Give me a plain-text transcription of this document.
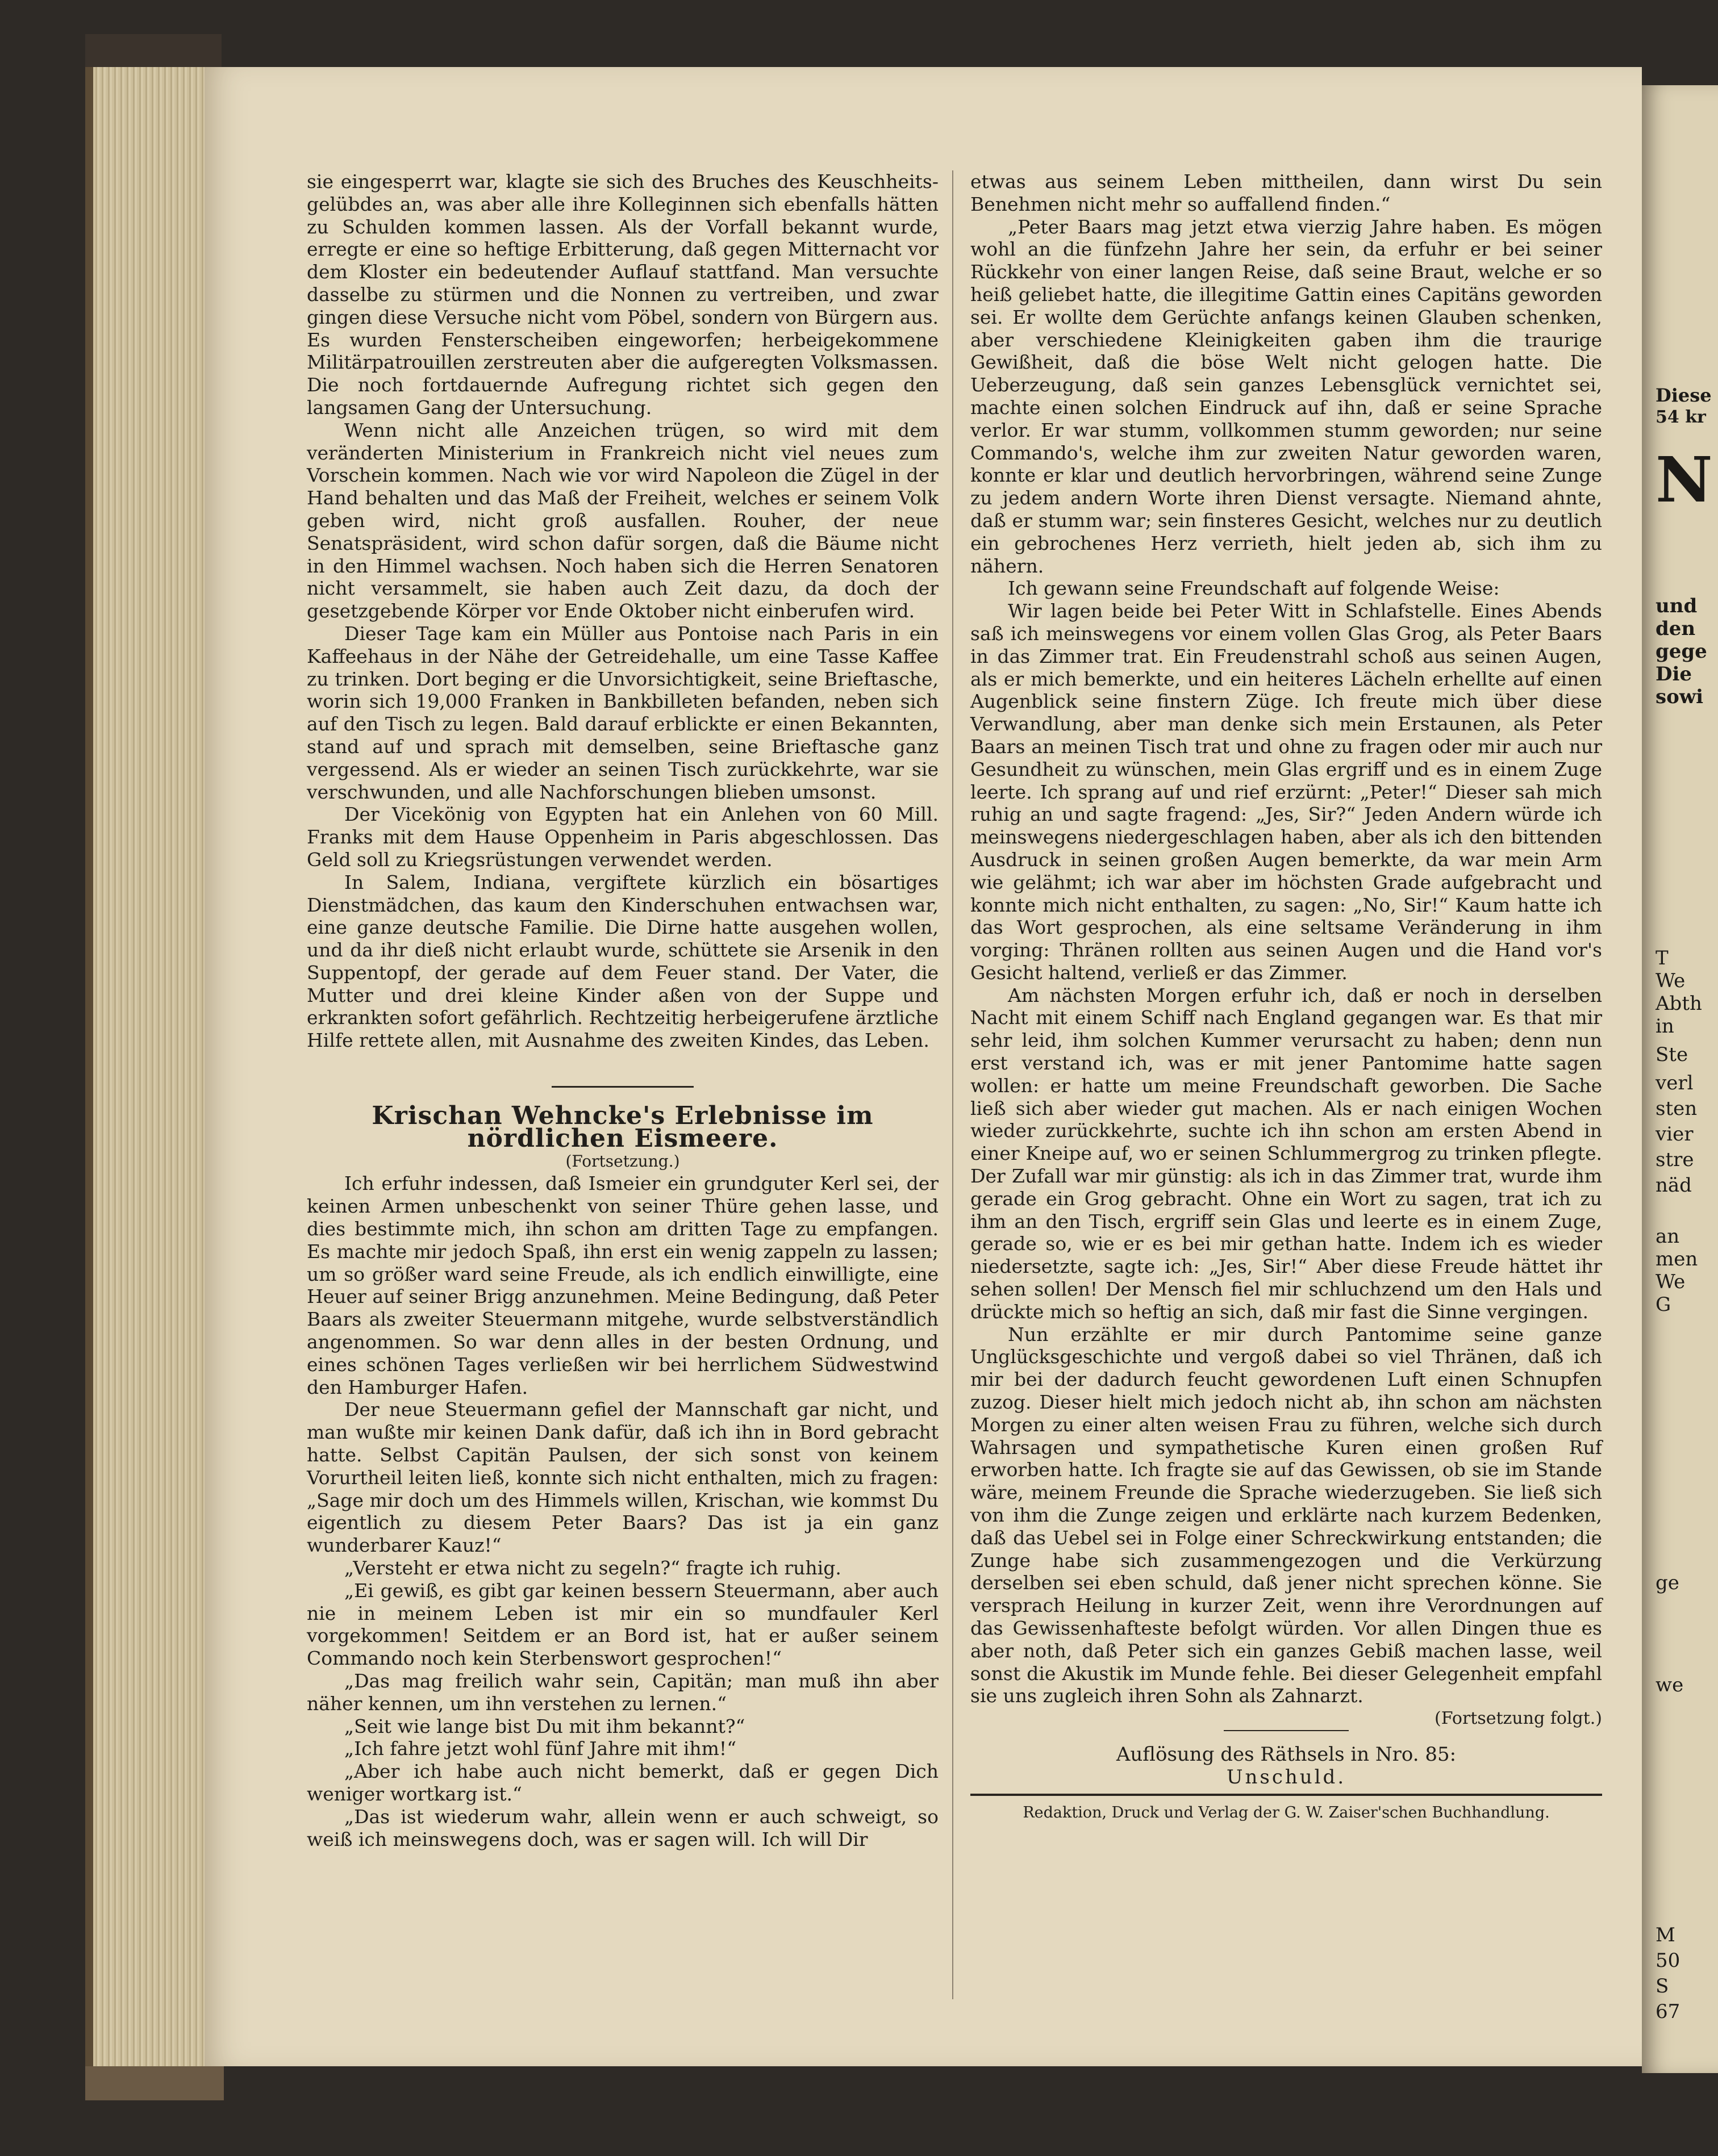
Diese
54 kr
N
und
den
gege
Die
sowi
T
We
Abth
in
Ste
verl
sten
vier
stre
näd
an
men
We
G
ge
we
M
50
S
67

sie eingesperrt war, klagte sie sich des Bruches des Keuschheits-gelübdes an, was aber alle ihre Kolleginnen sich ebenfalls hätten zu Schulden kommen lassen. Als der Vorfall bekannt wurde, erregte er eine so heftige Erbitterung, daß gegen Mitternacht vor dem Kloster ein bedeutender Auflauf stattfand. Man versuchte dasselbe zu stürmen und die Nonnen zu vertreiben, und zwar gingen diese Versuche nicht vom Pöbel, sondern von Bürgern aus. Es wurden Fensterscheiben eingeworfen; herbeigekommene Militärpatrouillen zerstreuten aber die aufgeregten Volksmassen. Die noch fortdauernde Aufregung richtet sich gegen den langsamen Gang der Untersuchung.

Wenn nicht alle Anzeichen trügen, so wird mit dem veränderten Ministerium in Frankreich nicht viel neues zum Vorschein kommen. Nach wie vor wird Napoleon die Zügel in der Hand behalten und das Maß der Freiheit, welches er seinem Volk geben wird, nicht groß ausfallen. Rouher, der neue Senatspräsident, wird schon dafür sorgen, daß die Bäume nicht in den Himmel wachsen. Noch haben sich die Herren Senatoren nicht versammelt, sie haben auch Zeit dazu, da doch der gesetzgebende Körper vor Ende Oktober nicht einberufen wird.

Dieser Tage kam ein Müller aus Pontoise nach Paris in ein Kaffeehaus in der Nähe der Getreidehalle, um eine Tasse Kaffee zu trinken. Dort beging er die Unvorsichtigkeit, seine Brieftasche, worin sich 19,000 Franken in Bankbilleten befanden, neben sich auf den Tisch zu legen. Bald darauf erblickte er einen Bekannten, stand auf und sprach mit demselben, seine Brieftasche ganz vergessend. Als er wieder an seinen Tisch zurückkehrte, war sie verschwunden, und alle Nachforschungen blieben umsonst.

Der Vicekönig von Egypten hat ein Anlehen von 60 Mill. Franks mit dem Hause Oppenheim in Paris abgeschlossen. Das Geld soll zu Kriegsrüstungen verwendet werden.

In Salem, Indiana, vergiftete kürzlich ein bösartiges Dienstmädchen, das kaum den Kinderschuhen entwachsen war, eine ganze deutsche Familie. Die Dirne hatte ausgehen wollen, und da ihr dieß nicht erlaubt wurde, schüttete sie Arsenik in den Suppentopf, der gerade auf dem Feuer stand. Der Vater, die Mutter und drei kleine Kinder aßen von der Suppe und erkrankten sofort gefährlich. Rechtzeitig herbeigerufene ärztliche Hilfe rettete allen, mit Ausnahme des zweiten Kindes, das Leben.

Krischan Wehncke's Erlebnisse im nördlichen Eismeere.

(Fortsetzung.)

Ich erfuhr indessen, daß Ismeier ein grundguter Kerl sei, der keinen Armen unbeschenkt von seiner Thüre gehen lasse, und dies bestimmte mich, ihn schon am dritten Tage zu empfangen. Es machte mir jedoch Spaß, ihn erst ein wenig zappeln zu lassen; um so größer ward seine Freude, als ich endlich einwilligte, eine Heuer auf seiner Brigg anzunehmen. Meine Bedingung, daß Peter Baars als zweiter Steuermann mitgehe, wurde selbstverständlich angenommen. So war denn alles in der besten Ordnung, und eines schönen Tages verließen wir bei herrlichem Südwestwind den Hamburger Hafen.

Der neue Steuermann gefiel der Mannschaft gar nicht, und man wußte mir keinen Dank dafür, daß ich ihn in Bord gebracht hatte. Selbst Capitän Paulsen, der sich sonst von keinem Vorurtheil leiten ließ, konnte sich nicht enthalten, mich zu fragen: „Sage mir doch um des Himmels willen, Krischan, wie kommst Du eigentlich zu diesem Peter Baars? Das ist ja ein ganz wunderbarer Kauz!“

„Versteht er etwa nicht zu segeln?“ fragte ich ruhig.

„Ei gewiß, es gibt gar keinen bessern Steuermann, aber auch nie in meinem Leben ist mir ein so mundfauler Kerl vorgekommen! Seitdem er an Bord ist, hat er außer seinem Commando noch kein Sterbenswort gesprochen!“

„Das mag freilich wahr sein, Capitän; man muß ihn aber näher kennen, um ihn verstehen zu lernen.“

„Seit wie lange bist Du mit ihm bekannt?“

„Ich fahre jetzt wohl fünf Jahre mit ihm!“

„Aber ich habe auch nicht bemerkt, daß er gegen Dich weniger wortkarg ist.“

„Das ist wiederum wahr, allein wenn er auch schweigt, so weiß ich meinswegens doch, was er sagen will. Ich will Dir

etwas aus seinem Leben mittheilen, dann wirst Du sein Benehmen nicht mehr so auffallend finden.“

„Peter Baars mag jetzt etwa vierzig Jahre haben. Es mögen wohl an die fünfzehn Jahre her sein, da erfuhr er bei seiner Rückkehr von einer langen Reise, daß seine Braut, welche er so heiß geliebet hatte, die illegitime Gattin eines Capitäns geworden sei. Er wollte dem Gerüchte anfangs keinen Glauben schenken, aber verschiedene Kleinigkeiten gaben ihm die traurige Gewißheit, daß die böse Welt nicht gelogen hatte. Die Ueberzeugung, daß sein ganzes Lebensglück vernichtet sei, machte einen solchen Eindruck auf ihn, daß er seine Sprache verlor. Er war stumm, vollkommen stumm geworden; nur seine Commando's, welche ihm zur zweiten Natur geworden waren, konnte er klar und deutlich hervorbringen, während seine Zunge zu jedem andern Worte ihren Dienst versagte. Niemand ahnte, daß er stumm war; sein finsteres Gesicht, welches nur zu deutlich ein gebrochenes Herz verrieth, hielt jeden ab, sich ihm zu nähern.

Ich gewann seine Freundschaft auf folgende Weise:

Wir lagen beide bei Peter Witt in Schlafstelle. Eines Abends saß ich meinswegens vor einem vollen Glas Grog, als Peter Baars in das Zimmer trat. Ein Freudenstrahl schoß aus seinen Augen, als er mich bemerkte, und ein heiteres Lächeln erhellte auf einen Augenblick seine finstern Züge. Ich freute mich über diese Verwandlung, aber man denke sich mein Erstaunen, als Peter Baars an meinen Tisch trat und ohne zu fragen oder mir auch nur Gesundheit zu wünschen, mein Glas ergriff und es in einem Zuge leerte. Ich sprang auf und rief erzürnt: „Peter!“ Dieser sah mich ruhig an und sagte fragend: „Jes, Sir?“ Jeden Andern würde ich meinswegens niedergeschlagen haben, aber als ich den bittenden Ausdruck in seinen großen Augen bemerkte, da war mein Arm wie gelähmt; ich war aber im höchsten Grade aufgebracht und konnte mich nicht enthalten, zu sagen: „No, Sir!“ Kaum hatte ich das Wort gesprochen, als eine seltsame Veränderung in ihm vorging: Thränen rollten aus seinen Augen und die Hand vor's Gesicht haltend, verließ er das Zimmer.

Am nächsten Morgen erfuhr ich, daß er noch in derselben Nacht mit einem Schiff nach England gegangen war. Es that mir sehr leid, ihm solchen Kummer verursacht zu haben; denn nun erst verstand ich, was er mit jener Pantomime hatte sagen wollen: er hatte um meine Freundschaft geworben. Die Sache ließ sich aber wieder gut machen. Als er nach einigen Wochen wieder zurückkehrte, suchte ich ihn schon am ersten Abend in einer Kneipe auf, wo er seinen Schlummergrog zu trinken pflegte. Der Zufall war mir günstig: als ich in das Zimmer trat, wurde ihm gerade ein Grog gebracht. Ohne ein Wort zu sagen, trat ich zu ihm an den Tisch, ergriff sein Glas und leerte es in einem Zuge, gerade so, wie er es bei mir gethan hatte. Indem ich es wieder niedersetzte, sagte ich: „Jes, Sir!“ Aber diese Freude hättet ihr sehen sollen! Der Mensch fiel mir schluchzend um den Hals und drückte mich so heftig an sich, daß mir fast die Sinne vergingen.

Nun erzählte er mir durch Pantomime seine ganze Unglücksgeschichte und vergoß dabei so viel Thränen, daß ich mir bei der dadurch feucht gewordenen Luft einen Schnupfen zuzog. Dieser hielt mich jedoch nicht ab, ihn schon am nächsten Morgen zu einer alten weisen Frau zu führen, welche sich durch Wahrsagen und sympathetische Kuren einen großen Ruf erworben hatte. Ich fragte sie auf das Gewissen, ob sie im Stande wäre, meinem Freunde die Sprache wiederzugeben. Sie ließ sich von ihm die Zunge zeigen und erklärte nach kurzem Bedenken, daß das Uebel sei in Folge einer Schreckwirkung entstanden; die Zunge habe sich zusammengezogen und die Verkürzung derselben sei eben schuld, daß jener nicht sprechen könne. Sie versprach Heilung in kurzer Zeit, wenn ihre Verordnungen auf das Gewissenhafteste befolgt würden. Vor allen Dingen thue es aber noth, daß Peter sich ein ganzes Gebiß machen lasse, weil sonst die Akustik im Munde fehle. Bei dieser Gelegenheit empfahl sie uns zugleich ihren Sohn als Zahnarzt.

(Fortsetzung folgt.)

Auflösung des Räthsels in Nro. 85:

Unschuld.

Redaktion, Druck und Verlag der G. W. Zaiser'schen Buchhandlung.
